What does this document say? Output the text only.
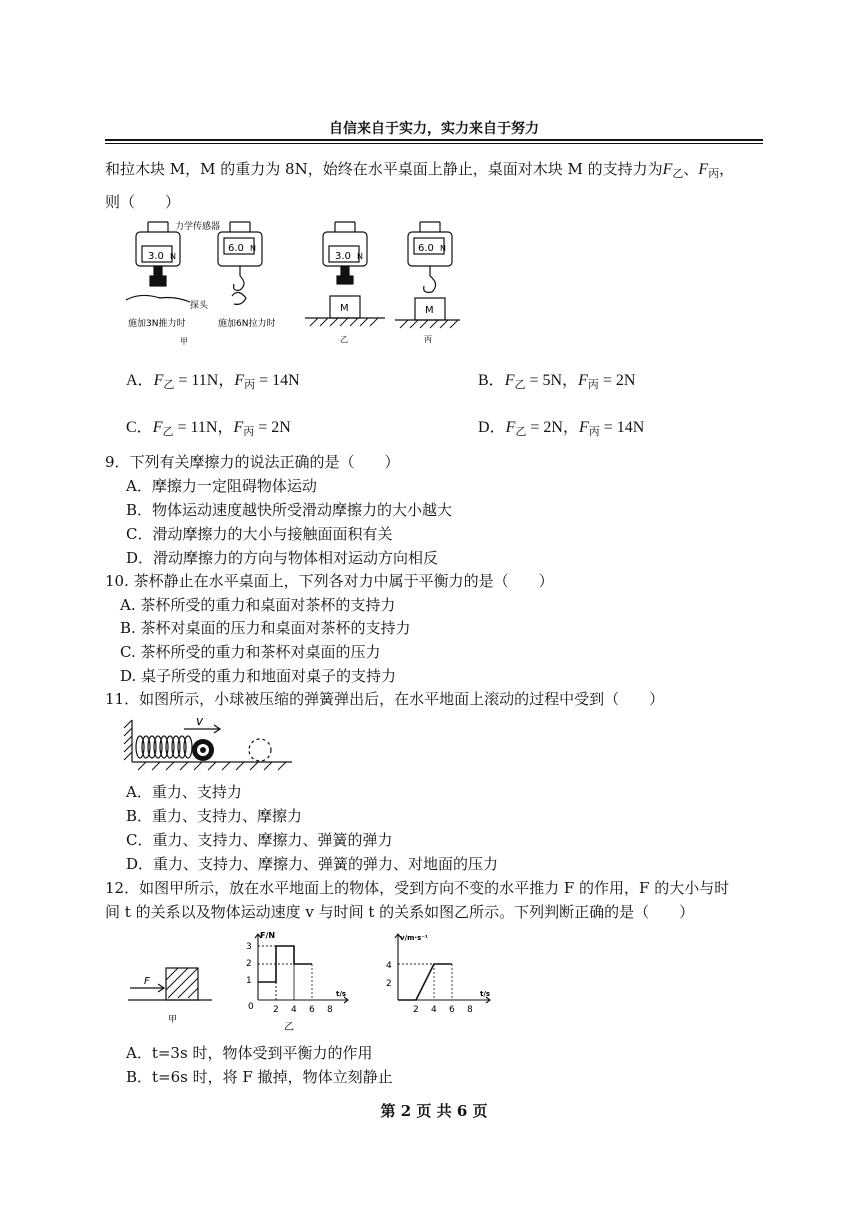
自信来自于实力，实力来自于努力
和拉木块 M，M 的重力为 8N，始终在水平桌面上静止，桌面对木块 M 的支持力为$F_乙$、$F_丙$，
则（　　）
3.0 N
6.0 N
3.0 N
6.0 N
力学传感器
探头	M	M
施加3N推力时	施加6N拉力时
甲	乙	丙
A．$F_乙 = 11N$，$F_丙 = 14N$	B．$F_乙 = 5N$，$F_丙 = 2N$
C．$F_乙 = 11N$，$F_丙 = 2N$	D．$F_乙 = 2N$，$F_丙 = 14N$
9．下列有关摩擦力的说法正确的是（　　）
A．摩擦力一定阻碍物体运动
B．物体运动速度越快所受滑动摩擦力的大小越大
C．滑动摩擦力的大小与接触面面积有关
D．滑动摩擦力的方向与物体相对运动方向相反
10. 茶杯静止在水平桌面上，下列各对力中属于平衡力的是（　　）
A. 茶杯所受的重力和桌面对茶杯的支持力
B. 茶杯对桌面的压力和桌面对茶杯的支持力
C. 茶杯所受的重力和茶杯对桌面的压力
D. 桌子所受的重力和地面对桌子的支持力
11．如图所示，小球被压缩的弹簧弹出后，在水平地面上滚动的过程中受到（　　）
v
A．重力、支持力
B．重力、支持力、摩擦力
C．重力、支持力、摩擦力、弹簧的弹力
D．重力、支持力、摩擦力、弹簧的弹力、对地面的压力
12．如图甲所示，放在水平地面上的物体，受到方向不变的水平推力 F 的作用，F 的大小与时
间 t 的关系以及物体运动速度 v 与时间 t 的关系如图乙所示。下列判断正确的是（　　）
F
甲
F/N
t/s
3
2
1
0 2 4 6 8
乙
v/m·s⁻¹
t/s
4
2
2 4 6 8
A．t=3s 时，物体受到平衡力的作用
B．t=6s 时，将 F 撤掉，物体立刻静止
第 2 页 共 6 页
